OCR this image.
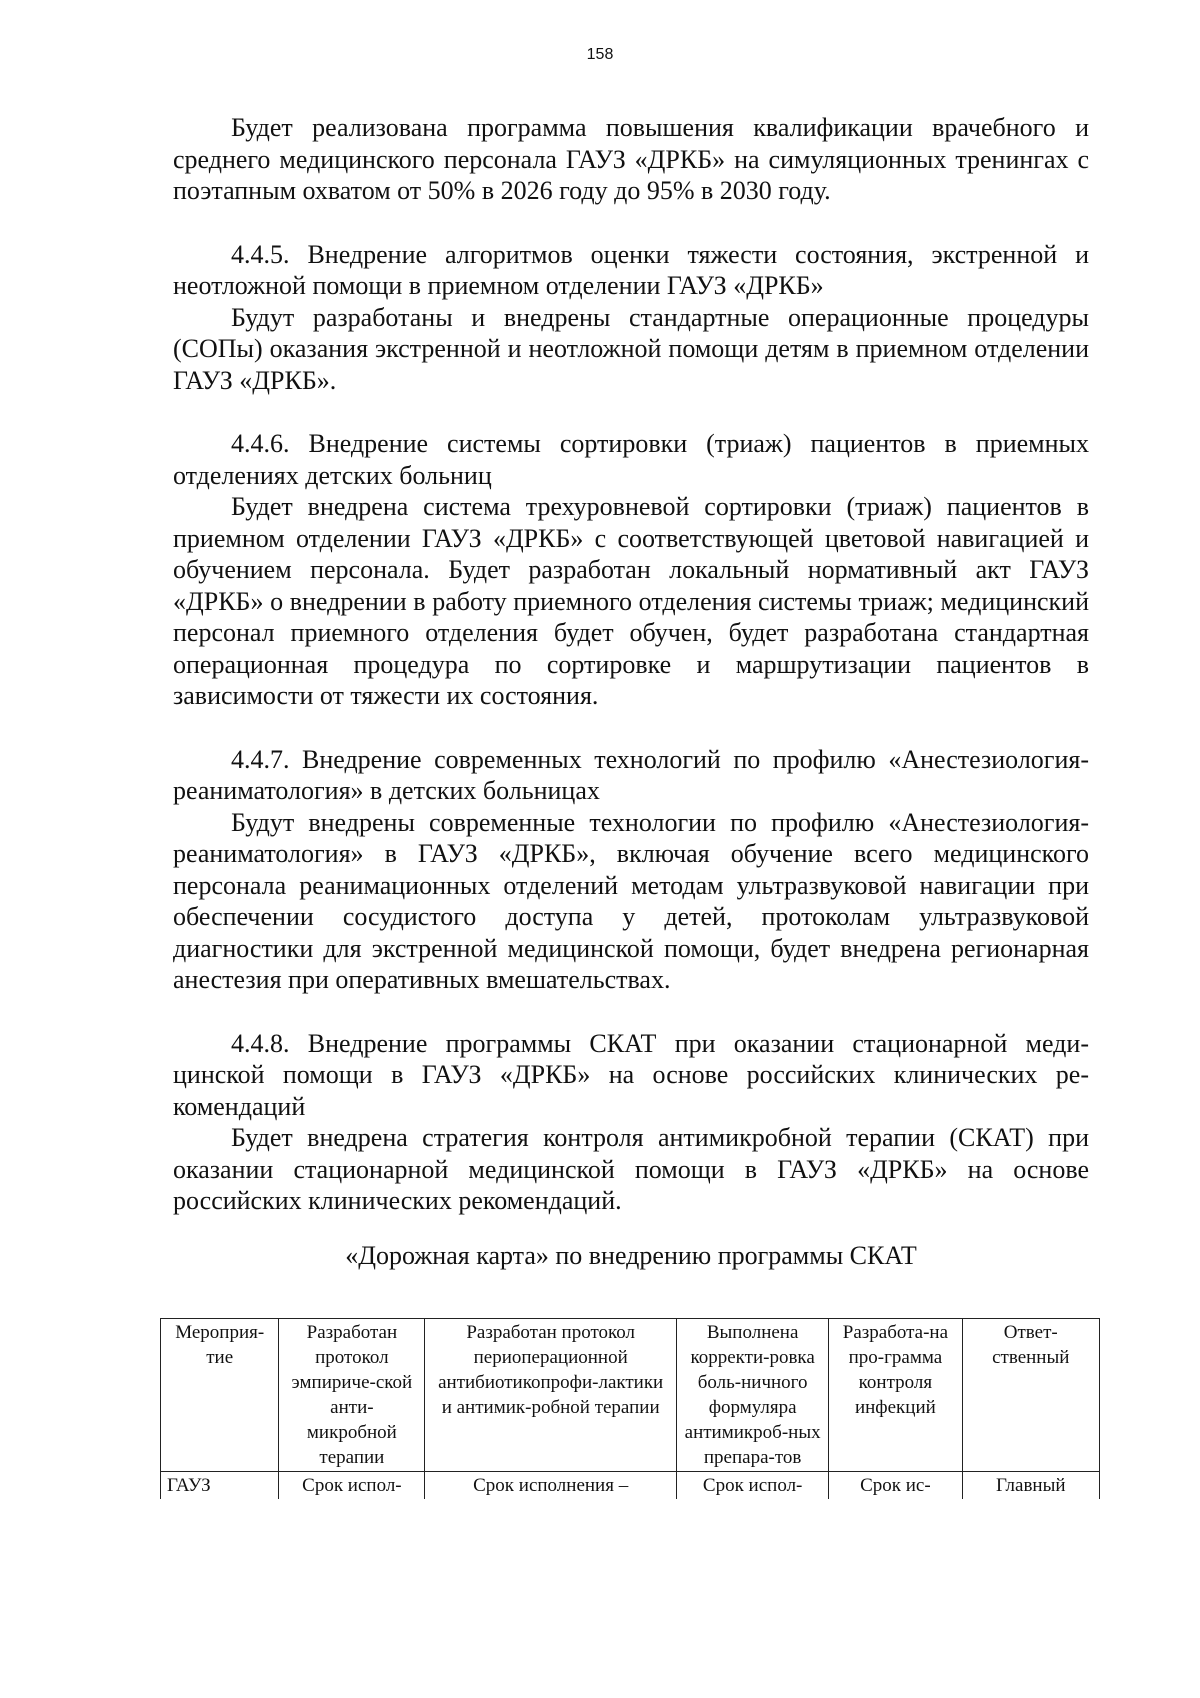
158

Будет реализована программа повышения квалификации врачебного и среднего медицинского персонала ГАУЗ «ДРКБ» на симуляционных тренингах с поэтапным охватом от 50% в 2026 году до 95% в 2030 году.

4.4.5. Внедрение алгоритмов оценки тяжести состояния, экстренной и неотложной помощи в приемном отделении ГАУЗ «ДРКБ»

Будут разработаны и внедрены стандартные операционные процедуры (СОПы) оказания экстренной и неотложной помощи детям в приемном отделении ГАУЗ «ДРКБ».

4.4.6. Внедрение системы сортировки (триаж) пациентов в приемных отделениях детских больниц

Будет внедрена система трехуровневой сортировки (триаж) пациентов в приемном отделении ГАУЗ «ДРКБ» с соответствующей цветовой навигацией и обучением персонала. Будет разработан локальный нормативный акт ГАУЗ «ДРКБ» о внедрении в работу приемного отделения системы триаж; медицинский персонал приемного отделения будет обучен, будет разработана стандартная операционная процедура по сортировке и маршрутизации пациентов в зависимости от тяжести их состояния.

4.4.7. Внедрение современных технологий по профилю «Анестезиология-реаниматология» в детских больницах

Будут внедрены современные технологии по профилю «Анестезиология-реаниматология» в ГАУЗ «ДРКБ», включая обучение всего медицинского персонала реанимационных отделений методам ультразвуковой навигации при обеспечении сосудистого доступа у детей, протоколам ультразвуковой диагностики для экстренной медицинской помощи, будет внедрена регионарная анестезия при оперативных вмешательствах.

4.4.8. Внедрение программы СКАТ при оказании стационарной медицинской помощи в ГАУЗ «ДРКБ» на основе российских клинических рекомендаций

Будет внедрена стратегия контроля антимикробной терапии (СКАТ) при оказании стационарной медицинской помощи в ГАУЗ «ДРКБ» на основе российских клинических рекомендаций.

«Дорожная карта» по внедрению программы СКАТ
Мероприя-тие	Разработан протокол эмпириче-ской анти-микробной терапии	Разработан протокол периоперационной антибиотикопрофи-лактики и антимик-робной терапии	Выполнена корректи-ровка боль-ничного формуляра антимикроб-ных препара-тов	Разработа-на про-грамма контроля инфекций	Ответ-ственный
ГАУЗ	Срок испол-	Срок исполнения –	Срок испол-	Срок ис-	Главный
